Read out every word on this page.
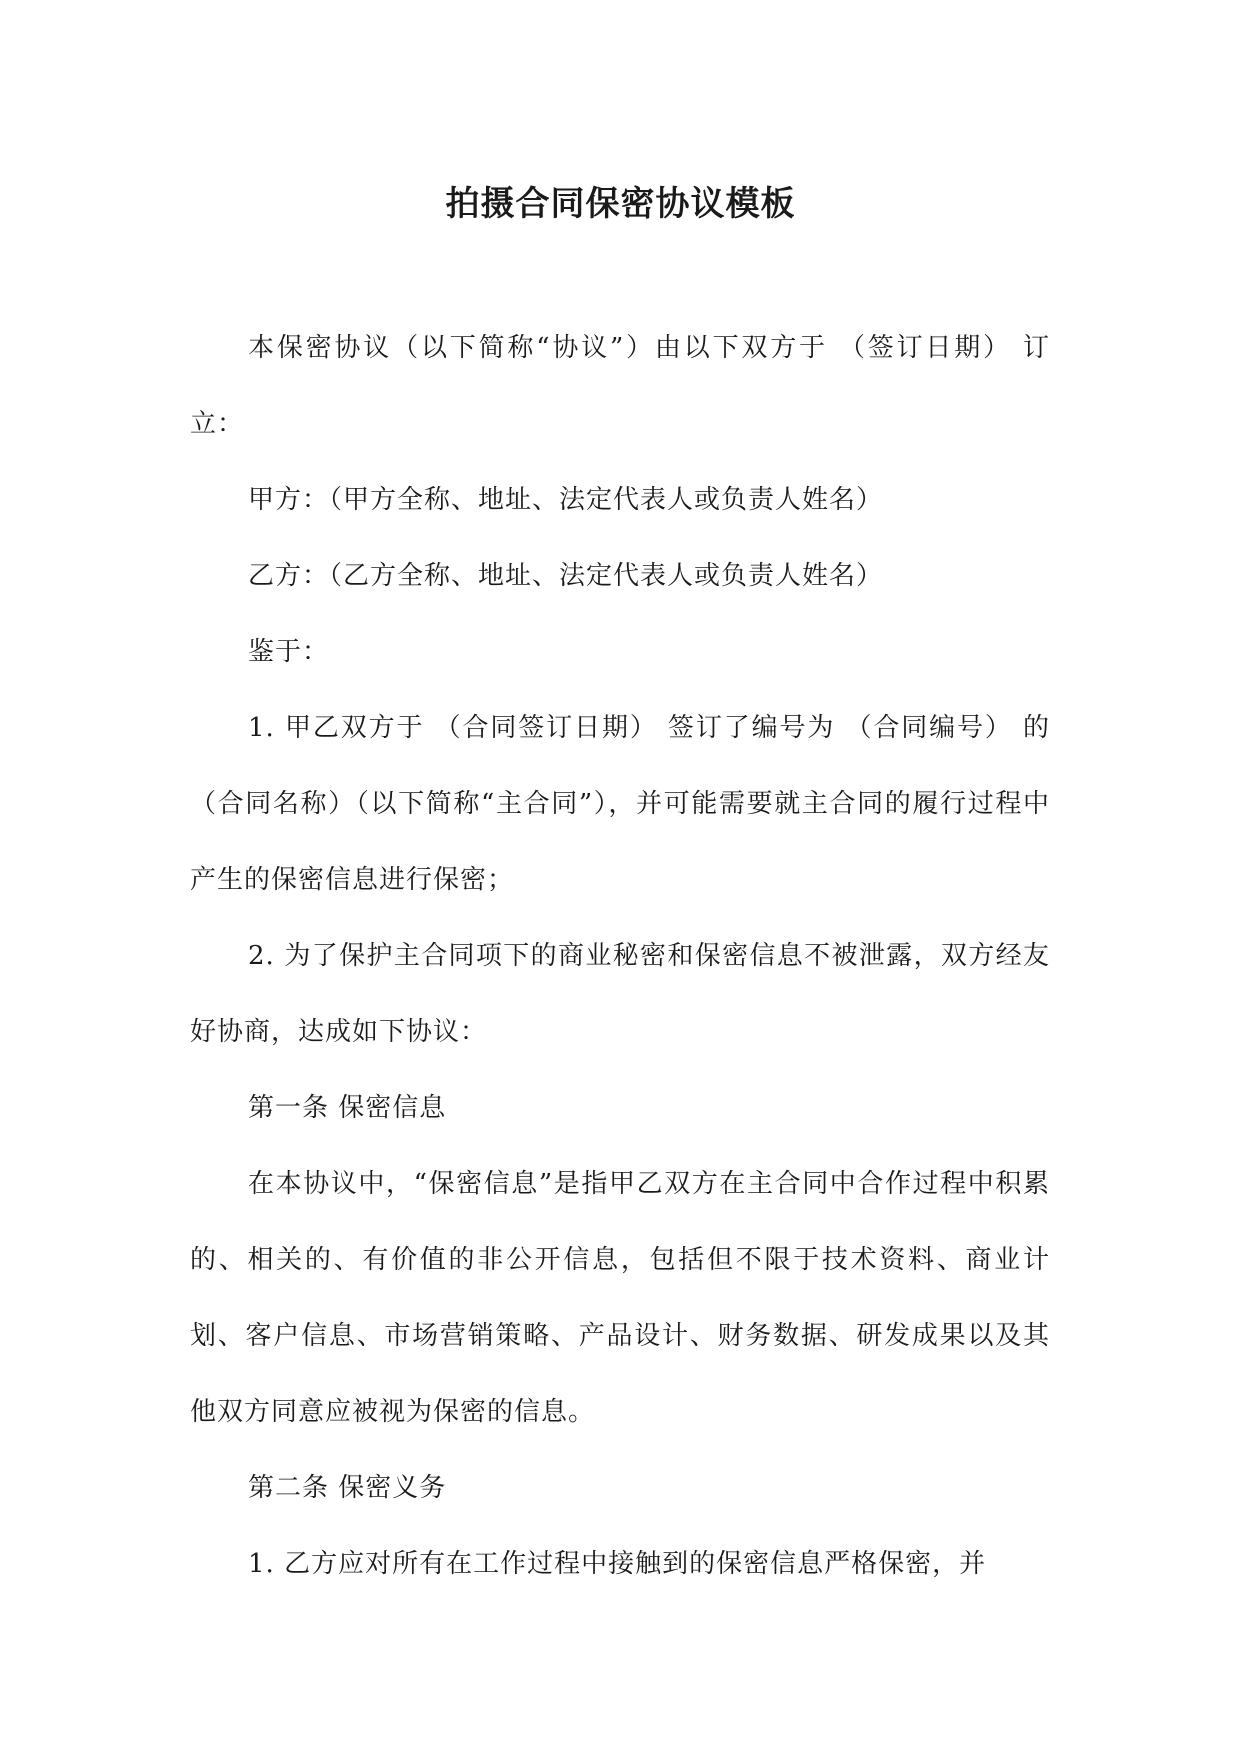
拍摄合同保密协议模板

本保密协议（以下简称“协议”）由以下双方于 （签订日期） 订立：

甲方：（甲方全称、地址、法定代表人或负责人姓名）

乙方：（乙方全称、地址、法定代表人或负责人姓名）

鉴于：

1. 甲乙双方于 （合同签订日期） 签订了编号为 （合同编号） 的 （合同名称）（以下简称“主合同”），并可能需要就主合同的履行过程中产生的保密信息进行保密；

2. 为了保护主合同项下的商业秘密和保密信息不被泄露，双方经友好协商，达成如下协议：

第一条 保密信息

在本协议中，“保密信息”是指甲乙双方在主合同中合作过程中积累的、相关的、有价值的非公开信息，包括但不限于技术资料、商业计划、客户信息、市场营销策略、产品设计、财务数据、研发成果以及其他双方同意应被视为保密的信息。

第二条 保密义务

1. 乙方应对所有在工作过程中接触到的保密信息严格保密，并
